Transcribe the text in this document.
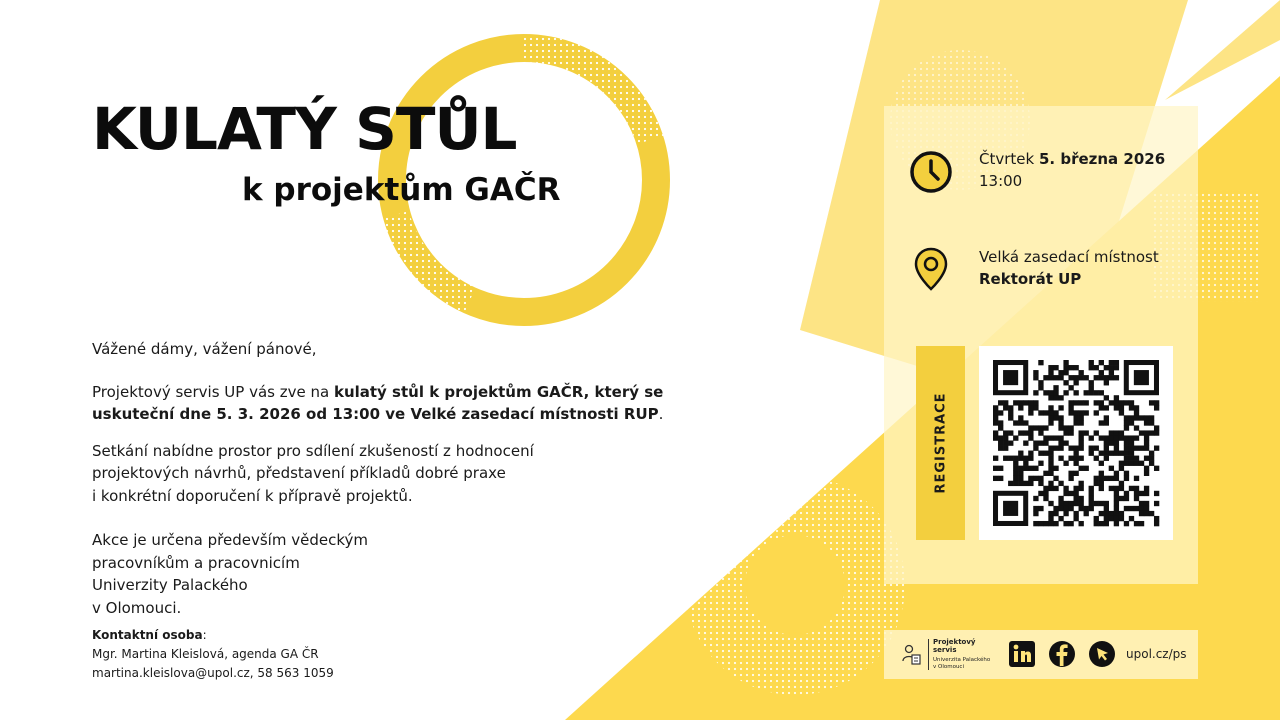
KULATÝ STŮL
k projektům GAČR

Vážené dámy, vážení pánové,

Projektový servis UP vás zve na kulatý stůl k projektům GAČR, který se uskuteční dne 5. 3. 2026 od 13:00 ve Velké zasedací místnosti RUP.

Setkání nabídne prostor pro sdílení zkušeností z hodnocení
projektových návrhů, představení příkladů dobré praxe
i konkrétní doporučení k přípravě projektů.

Akce je určena především vědeckým
pracovníkům a pracovnicím
Univerzity Palackého
v Olomouci.

Kontaktní osoba:
Mgr. Martina Kleislová, agenda GA ČR
martina.kleislova@upol.cz, 58 563 1059
Čtvrtek 5. března 2026
13:00
Velká zasedací místnost
Rektorát UP
REGISTRACE
Projektový
servis
Univerzita Palackého
v Olomouci
upol.cz/ps
